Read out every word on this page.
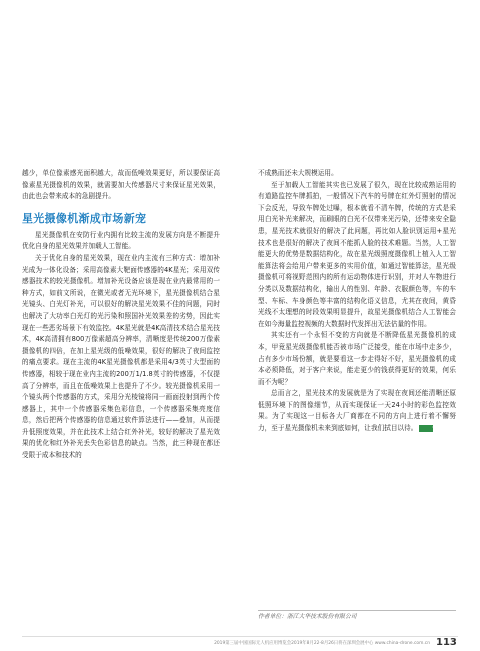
越少，单位像素感光面积越大，故而低噪效果更好，所以要保证高像素星光摄像机的效果，就需要加大传感器尺寸来保证星光效果，由此也会带来成本的急剧提升。

星光摄像机渐成市场新宠

星光摄像机在安防行业内拥有比较主流的发展方向是不断提升优化自身的星光效果并加载人工智能。

关于优化自身的星光效果，现在业内主流有三种方式：增加补光成为一体化设备；采用高像素大靶面传感器的4K星光；采用双传感器技术的较光摄像机。增加补光设备应该是现在业内最常用的一种方式，如前文所说，在微光或者无光环境下，星光摄像机结合星光镜头、白光灯补光，可以很好的解决星光效果不佳的问题，同时也解决了大功率白光灯的光污染和照国补光效果差的劣势，因此实现在一些恶劣场景下有效监控。4K星光就是4K高清技术结合星光技术，4K高清拥有800万像素超高分辨率，清晰度是传统200万像素摄像机的四倍，在加上星光级的低噪效果，很好的解决了夜间监控的痛点要求。现在主流的4K星光摄像机都是采用4/3英寸大型面的传感器，相较于现在业内主流的200万1/1.8英寸的传感器，不仅提高了分辨率，而且在低噪效果上也提升了不少。较光摄像机采用一个镜头两个传感器的方式，采用分光棱镜将同一画面投射到两个传感器上，其中一个传感器采集色彩信息，一个传感器采集亮度信息，然后把两个传感器的信息通过软件算法进行——叠加，从而提升低照度效果，并在此技术上结合红外补光，较好的解决了星光效果的优化和红外补光丢失色彩信息的缺点。当然，此三种现在都还受限于成本和技术的

不成熟而还未大规模运用。

至于加载人工智能其实也已发展了很久，现在比较成熟运用的有道路监控车牌抓拍，一般情况下汽车的号牌在红外灯照射的情况下会反光，导致车牌处过曝，根本就看不清车牌，传统的方式是采用白光补光来解决，而刷眼的白光不仅带来光污染，还带来安全隐患，星光技术就很好的解决了此问题，再比如人脸识别运用+星光技术也是很好的解决了夜间不能抓人脸的技术难题。当然，人工智能更大的优势是数据结构化，故在星光级照度摄像机上植入人工智能算法将会给用户带来更多的实用价值，如通过智能算法，星光级摄像机可将视野范围内的所有运动物体进行识别，并对人车物进行分类以及数据结构化，输出人的性别、年龄、衣服颜色等，车的车型、车标、车身颜色等丰富的结构化语义信息，尤其在夜间，黄昏光线不太理想的时段效果明显提升，故星光摄像机结合人工智能会在如今海量监控视频的大数据时代发挥出无法估量的作用。

其实还有一个永恒不变的方向就是不断降低星光摄像机的成本，甲竟星光级摄像机能否被市场广泛接受，能在市场中走多少，占有多少市场份额，就是要看这一步走得好不好，星光摄像机的成本必须降低，对于客户来说，能走更少的钱获得更好的效果，何乐而不为呢？

总而言之，星光技术的发展就是为了实现在夜间还能清晰还原低照环境下的图像细节，从而实现保证一天24小时的彩色监控效果。为了实现这一目标各大厂商都在不同的方向上进行着不懈努力，至于星光摄像机未来到底如何，让我们拭目以待。	CPS

作者单位：浙江大华技术股份有限公司
2019第三届中国国际无人机应用博览会2019年8月22-8月26日将在深圳会展中心 www.china-drone.com.cn 113
